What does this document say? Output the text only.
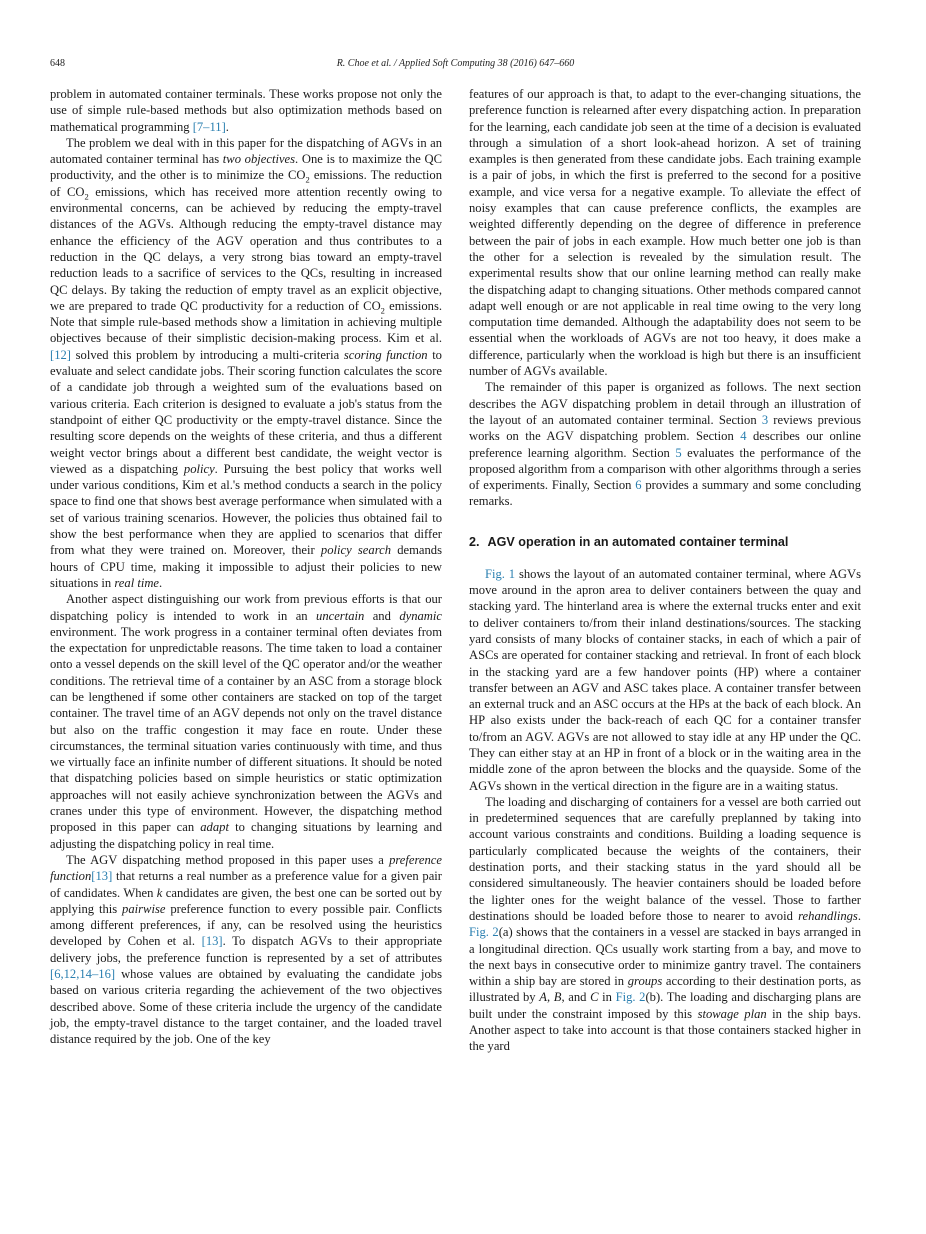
648	R. Choe et al. / Applied Soft Computing 38 (2016) 647–660

problem in automated container terminals. These works propose not only the use of simple rule-based methods but also optimization methods based on mathematical programming [7–11].

The problem we deal with in this paper for the dispatching of AGVs in an automated container terminal has two objectives. One is to maximize the QC productivity, and the other is to minimize the $CO_2$ emissions. The reduction of $CO_2$ emissions, which has received more attention recently owing to environmental concerns, can be achieved by reducing the empty-travel distances of the AGVs. Although reducing the empty-travel distance may enhance the efficiency of the AGV operation and thus contributes to a reduction in the QC delays, a very strong bias toward an empty-travel reduction leads to a sacrifice of services to the QCs, resulting in increased QC delays. By taking the reduction of empty travel as an explicit objective, we are prepared to trade QC productivity for a reduction of $CO_2$ emissions. Note that simple rule-based methods show a limitation in achieving multiple objectives because of their simplistic decision-making process. Kim et al. [12] solved this problem by introducing a multi-criteria scoring function to evaluate and select candidate jobs. Their scoring function calculates the score of a candidate job through a weighted sum of the evaluations based on various criteria. Each criterion is designed to evaluate a job's status from the standpoint of either QC productivity or the empty-travel distance. Since the resulting score depends on the weights of these criteria, and thus a different weight vector brings about a different best candidate, the weight vector is viewed as a dispatching policy. Pursuing the best policy that works well under various conditions, Kim et al.'s method conducts a search in the policy space to find one that shows best average performance when simulated with a set of various training scenarios. However, the policies thus obtained fail to show the best performance when they are applied to scenarios that differ from what they were trained on. Moreover, their policy search demands hours of CPU time, making it impossible to adjust their policies to new situations in real time.

Another aspect distinguishing our work from previous efforts is that our dispatching policy is intended to work in an uncertain and dynamic environment. The work progress in a container terminal often deviates from the expectation for unpredictable reasons. The time taken to load a container onto a vessel depends on the skill level of the QC operator and/or the weather conditions. The retrieval time of a container by an ASC from a storage block can be lengthened if some other containers are stacked on top of the target container. The travel time of an AGV depends not only on the travel distance but also on the traffic congestion it may face en route. Under these circumstances, the terminal situation varies continuously with time, and thus we virtually face an infinite number of different situations. It should be noted that dispatching policies based on simple heuristics or static optimization approaches will not easily achieve synchronization between the AGVs and cranes under this type of environment. However, the dispatching method proposed in this paper can adapt to changing situations by learning and adjusting the dispatching policy in real time.

The AGV dispatching method proposed in this paper uses a preference function[13] that returns a real number as a preference value for a given pair of candidates. When k candidates are given, the best one can be sorted out by applying this pairwise preference function to every possible pair. Conflicts among different preferences, if any, can be resolved using the heuristics developed by Cohen et al. [13]. To dispatch AGVs to their appropriate delivery jobs, the preference function is represented by a set of attributes [6,12,14–16] whose values are obtained by evaluating the candidate jobs based on various criteria regarding the achievement of the two objectives described above. Some of these criteria include the urgency of the candidate job, the empty-travel distance to the target container, and the loaded travel distance required by the job. One of the key

features of our approach is that, to adapt to the ever-changing situations, the preference function is relearned after every dispatching action. In preparation for the learning, each candidate job seen at the time of a decision is evaluated through a simulation of a short look-ahead horizon. A set of training examples is then generated from these candidate jobs. Each training example is a pair of jobs, in which the first is preferred to the second for a positive example, and vice versa for a negative example. To alleviate the effect of noisy examples that can cause preference conflicts, the examples are weighted differently depending on the degree of difference in preference between the pair of jobs in each example. How much better one job is than the other for a selection is revealed by the simulation result. The experimental results show that our online learning method can really make the dispatching adapt to changing situations. Other methods compared cannot adapt well enough or are not applicable in real time owing to the very long computation time demanded. Although the adaptability does not seem to be essential when the workloads of AGVs are not too heavy, it does make a difference, particularly when the workload is high but there is an insufficient number of AGVs available.

The remainder of this paper is organized as follows. The next section describes the AGV dispatching problem in detail through an illustration of the layout of an automated container terminal. Section 3 reviews previous works on the AGV dispatching problem. Section 4 describes our online preference learning algorithm. Section 5 evaluates the performance of the proposed algorithm from a comparison with other algorithms through a series of experiments. Finally, Section 6 provides a summary and some concluding remarks.

2. AGV operation in an automated container terminal

Fig. 1 shows the layout of an automated container terminal, where AGVs move around in the apron area to deliver containers between the quay and stacking yard. The hinterland area is where the external trucks enter and exit to deliver containers to/from their inland destinations/sources. The stacking yard consists of many blocks of container stacks, in each of which a pair of ASCs are operated for container stacking and retrieval. In front of each block in the stacking yard are a few handover points (HP) where a container transfer between an AGV and ASC takes place. A container transfer between an external truck and an ASC occurs at the HPs at the back of each block. An HP also exists under the back-reach of each QC for a container transfer to/from an AGV. AGVs are not allowed to stay idle at any HP under the QC. They can either stay at an HP in front of a block or in the waiting area in the middle zone of the apron between the blocks and the quayside. Some of the AGVs shown in the vertical direction in the figure are in a waiting status.

The loading and discharging of containers for a vessel are both carried out in predetermined sequences that are carefully preplanned by taking into account various constraints and conditions. Building a loading sequence is particularly complicated because the weights of the containers, their destination ports, and their stacking status in the yard should all be considered simultaneously. The heavier containers should be loaded before the lighter ones for the weight balance of the vessel. Those to farther destinations should be loaded before those to nearer to avoid rehandlings. Fig. 2(a) shows that the containers in a vessel are stacked in bays arranged in a longitudinal direction. QCs usually work starting from a bay, and move to the next bays in consecutive order to minimize gantry travel. The containers within a ship bay are stored in groups according to their destination ports, as illustrated by A, B, and C in Fig. 2(b). The loading and discharging plans are built under the constraint imposed by this stowage plan in the ship bays. Another aspect to take into account is that those containers stacked higher in the yard
